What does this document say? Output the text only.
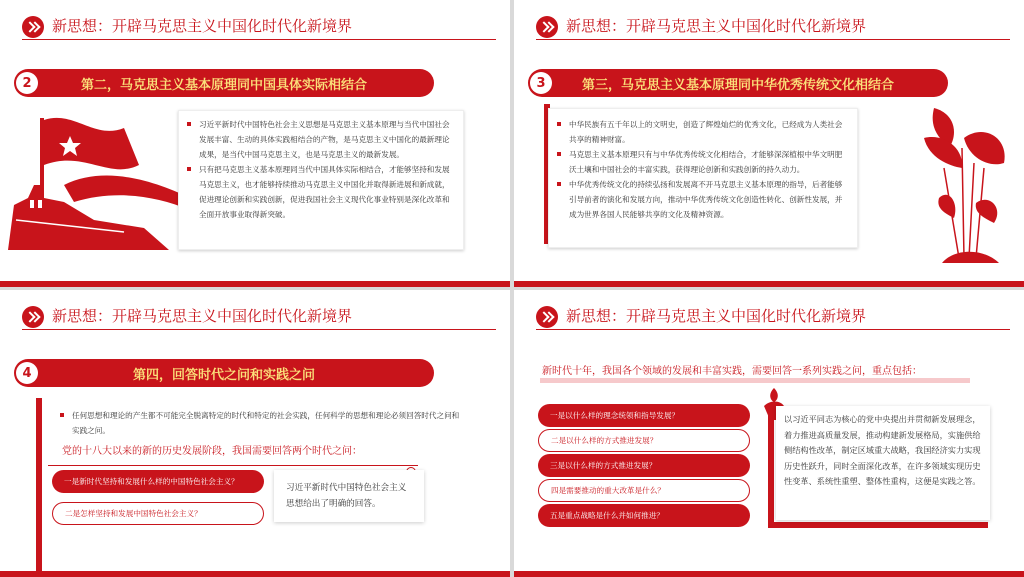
新思想：开辟马克思主义中国化时代化新境界
第二，马克思主义基本原理同中国具体实际相结合
2
习近平新时代中国特色社会主义思想是马克思主义基本原理与当代中国社会发展丰富、生动的具体实践相结合的产物，是马克思主义中国化的最新理论成果，是当代中国马克思主义，也是马克思主义的最新发展。
只有把马克思主义基本原理同当代中国具体实际相结合，才能够坚持和发展马克思主义，也才能够持续推动马克思主义中国化并取得新进展和新成就，促进理论创新和实践创新，促进我国社会主义现代化事业特别是深化改革和全面开放事业取得新突破。
新思想：开辟马克思主义中国化时代化新境界
第三，马克思主义基本原理同中华优秀传统文化相结合
3
中华民族有五千年以上的文明史，创造了辉煌灿烂的优秀文化，已经成为人类社会共享的精神财富。
马克思主义基本原理只有与中华优秀传统文化相结合，才能够深深植根中华文明肥沃土壤和中国社会的丰富实践，获得理论创新和实践创新的持久动力。
中华优秀传统文化的持续弘扬和发展离不开马克思主义基本原理的指导，后者能够引导前者的演化和发展方向，推动中华优秀传统文化创造性转化、创新性发展，并成为世界各国人民能够共享的文化及精神资源。
新思想：开辟马克思主义中国化时代化新境界
第四，回答时代之问和实践之问
4
任何思想和理论的产生都不可能完全脱离特定的时代和特定的社会实践，任何科学的思想和理论必须回答时代之问和实践之问。
党的十八大以来的新的历史发展阶段，我国需要回答两个时代之问：
一是新时代坚持和发展什么样的中国特色社会主义？
二是怎样坚持和发展中国特色社会主义？
习近平新时代中国特色社会主义思想给出了明确的回答。
新思想：开辟马克思主义中国化时代化新境界
新时代十年，我国各个领域的发展和丰富实践，需要回答一系列实践之问，重点包括：
一是以什么样的理念统领和指导发展？
二是以什么样的方式推进发展？
三是以什么样的方式推进发展？
四是需要推动的重大改革是什么？
五是重点战略是什么并如何推进？
以习近平同志为核心的党中央提出并贯彻新发展理念，着力推进高质量发展，推动构建新发展格局，实施供给侧结构性改革，制定区域重大战略，我国经济实力实现历史性跃升，同时全面深化改革，在许多领域实现历史性变革、系统性重塑、整体性重构，这便是实践之答。
